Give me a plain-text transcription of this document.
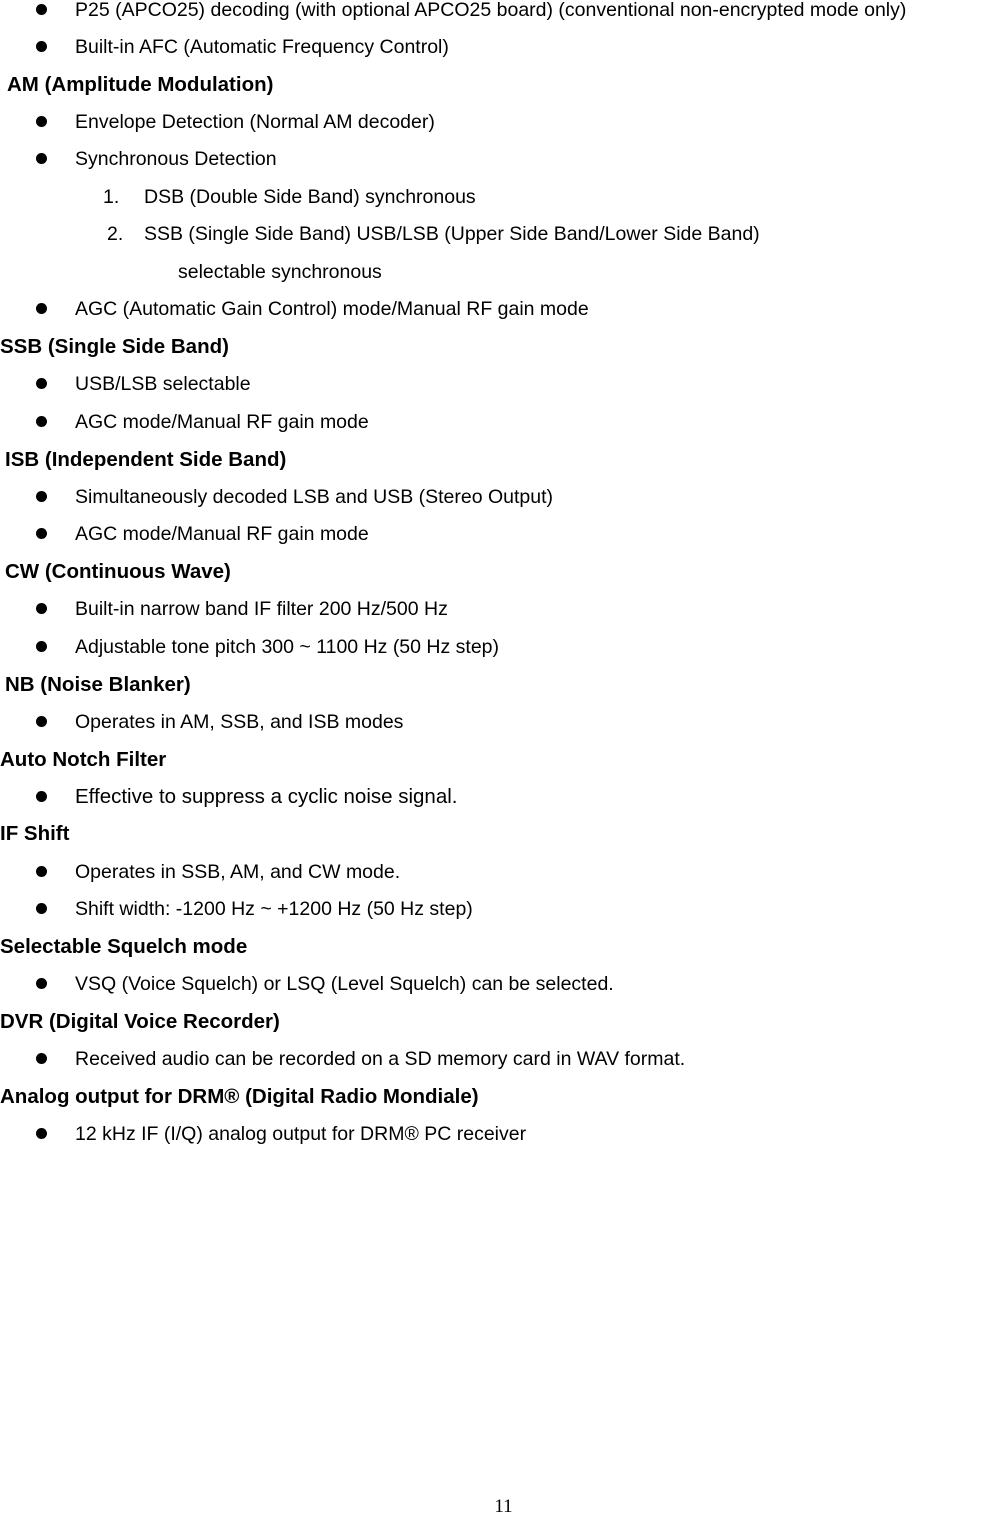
P25 (APCO25) decoding (with optional APCO25 board) (conventional non-encrypted mode only)
Built-in AFC (Automatic Frequency Control)
AM (Amplitude Modulation)
Envelope Detection (Normal AM decoder)
Synchronous Detection
1. DSB (Double Side Band) synchronous
2. SSB (Single Side Band) USB/LSB (Upper Side Band/Lower Side Band)
selectable synchronous
AGC (Automatic Gain Control) mode/Manual RF gain mode
SSB (Single Side Band)
USB/LSB selectable
AGC mode/Manual RF gain mode
ISB (Independent Side Band)
Simultaneously decoded LSB and USB (Stereo Output)
AGC mode/Manual RF gain mode
CW (Continuous Wave)
Built-in narrow band IF filter 200 Hz/500 Hz
Adjustable tone pitch 300 ~ 1100 Hz (50 Hz step)
NB (Noise Blanker)
Operates in AM, SSB, and ISB modes
Auto Notch Filter
Effective to suppress a cyclic noise signal.
IF Shift
Operates in SSB, AM, and CW mode.
Shift width: -1200 Hz ~ +1200 Hz (50 Hz step)
Selectable Squelch mode
VSQ (Voice Squelch) or LSQ (Level Squelch) can be selected.
DVR (Digital Voice Recorder)
Received audio can be recorded on a SD memory card in WAV format.
Analog output for DRM® (Digital Radio Mondiale)
12 kHz IF (I/Q) analog output for DRM® PC receiver
11
